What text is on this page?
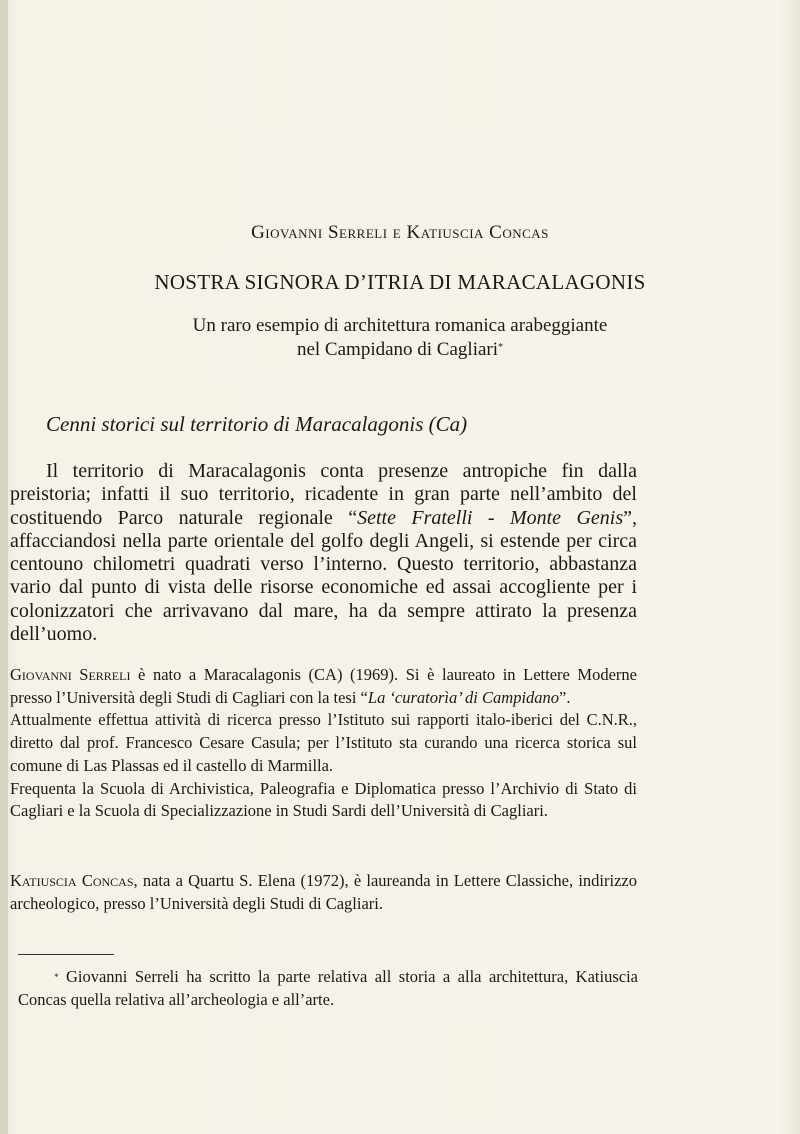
Giovanni Serreli e Katiuscia Concas
NOSTRA SIGNORA D’ITRIA DI MARACALAGONIS
Un raro esempio di architettura romanica arabeggiante
nel Campidano di Cagliari*
Cenni storici sul territorio di Maracalagonis (Ca)

Il territorio di Maracalagonis conta presenze antropiche fin dalla preistoria; infatti il suo territorio, ricadente in gran parte nell’ambito del costituendo Parco naturale regionale “Sette Fratelli - Monte Genis”, affacciandosi nella parte orientale del golfo degli Angeli, si estende per circa centouno chilometri quadrati verso l’interno. Questo territorio, abbastanza vario dal punto di vista delle risorse economiche ed assai accogliente per i colonizzatori che arrivavano dal mare, ha da sempre attirato la presenza dell’uomo.

Giovanni Serreli è nato a Maracalagonis (CA) (1969). Si è laureato in Lettere Moderne presso l’Università degli Studi di Cagliari con la tesi “La ‘curatorìa’ di Campidano”.

Attualmente effettua attività di ricerca presso l’Istituto sui rapporti italo-iberici del C.N.R., diretto dal prof. Francesco Cesare Casula; per l’Istituto sta curando una ricerca storica sul comune di Las Plassas ed il castello di Marmilla.

Frequenta la Scuola di Archivistica, Paleografia e Diplomatica presso l’Archivio di Stato di Cagliari e la Scuola di Specializzazione in Studi Sardi dell’Università di Cagliari.

Katiuscia Concas, nata a Quartu S. Elena (1972), è laureanda in Lettere Classiche, indirizzo archeologico, presso l’Università degli Studi di Cagliari.

* Giovanni Serreli ha scritto la parte relativa all storia a alla architettura, Katiuscia Concas quella relativa all’archeologia e all’arte.
